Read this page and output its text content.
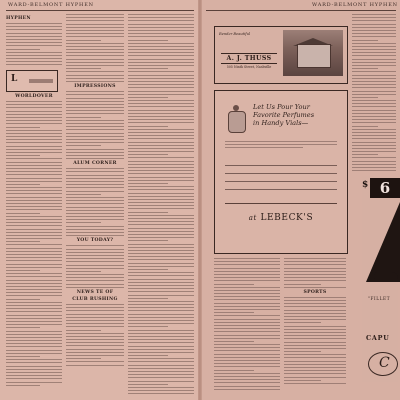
WARD-BELMONT HYPHEN
L
HYPHEN
WORLDOVER
IMPRESSIONS
ALUM CORNER
YOU TODAY?
NEWS TE OF
CLUB RUSHING
WARD-BELMONT HYPHEN
SPORTS
Render Beautiful
A. J. THUSS
505 Ninth Street, Nashville
Let Us Pour Your
Favorite Perfumes
in Handy Vials—
at LEBECK'S
$ 6
"FILLET
CAPU
C
